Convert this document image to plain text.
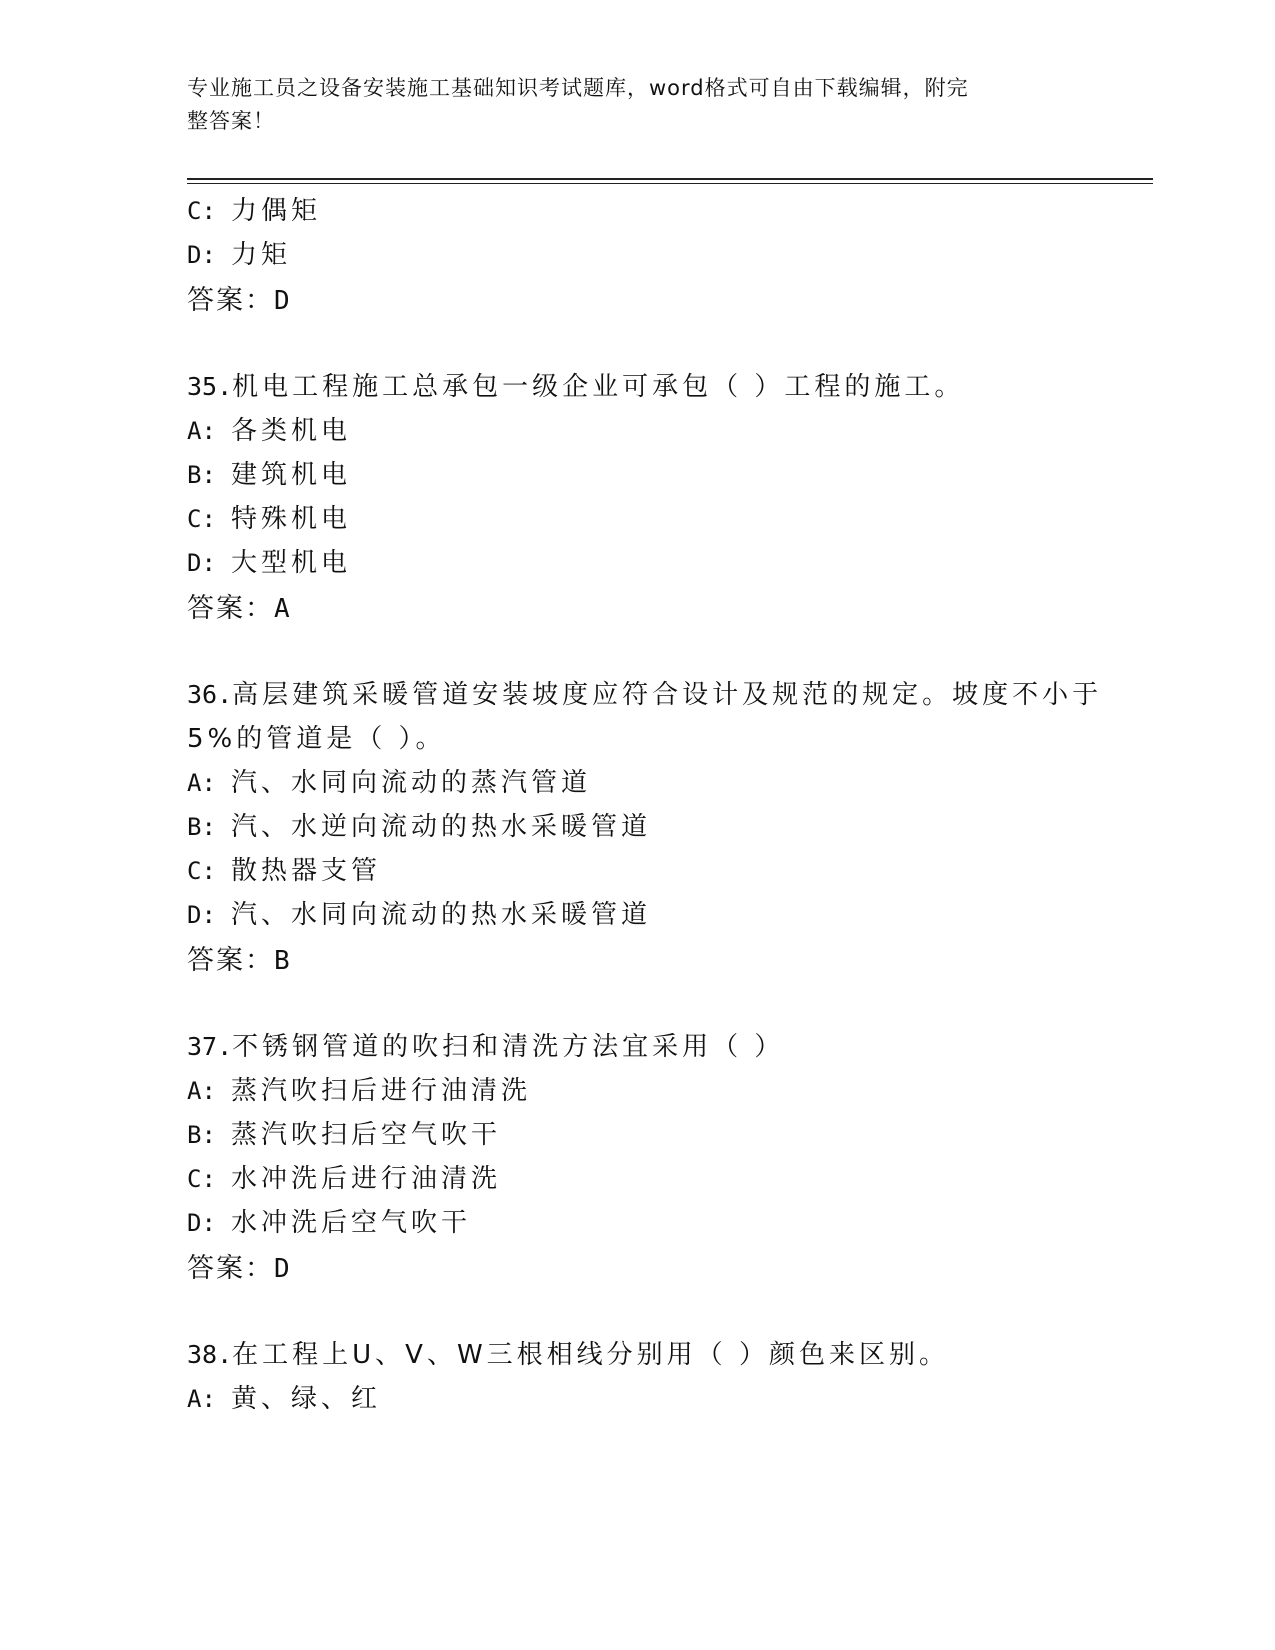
专业施工员之设备安装施工基础知识考试题库，word格式可自由下载编辑，附完
整答案！
C: 力偶矩
D: 力矩
答案：D
35.机电工程施工总承包一级企业可承包（ ）工程的施工。
A: 各类机电
B: 建筑机电
C: 特殊机电
D: 大型机电
答案：A
36.高层建筑采暖管道安装坡度应符合设计及规范的规定。坡度不小于
5%的管道是（ ）。
A: 汽、水同向流动的蒸汽管道
B: 汽、水逆向流动的热水采暖管道
C: 散热器支管
D: 汽、水同向流动的热水采暖管道
答案：B
37.不锈钢管道的吹扫和清洗方法宜采用（ ）
A: 蒸汽吹扫后进行油清洗
B: 蒸汽吹扫后空气吹干
C: 水冲洗后进行油清洗
D: 水冲洗后空气吹干
答案：D
38.在工程上U、V、W三根相线分别用（ ）颜色来区别。
A: 黄、绿、红
